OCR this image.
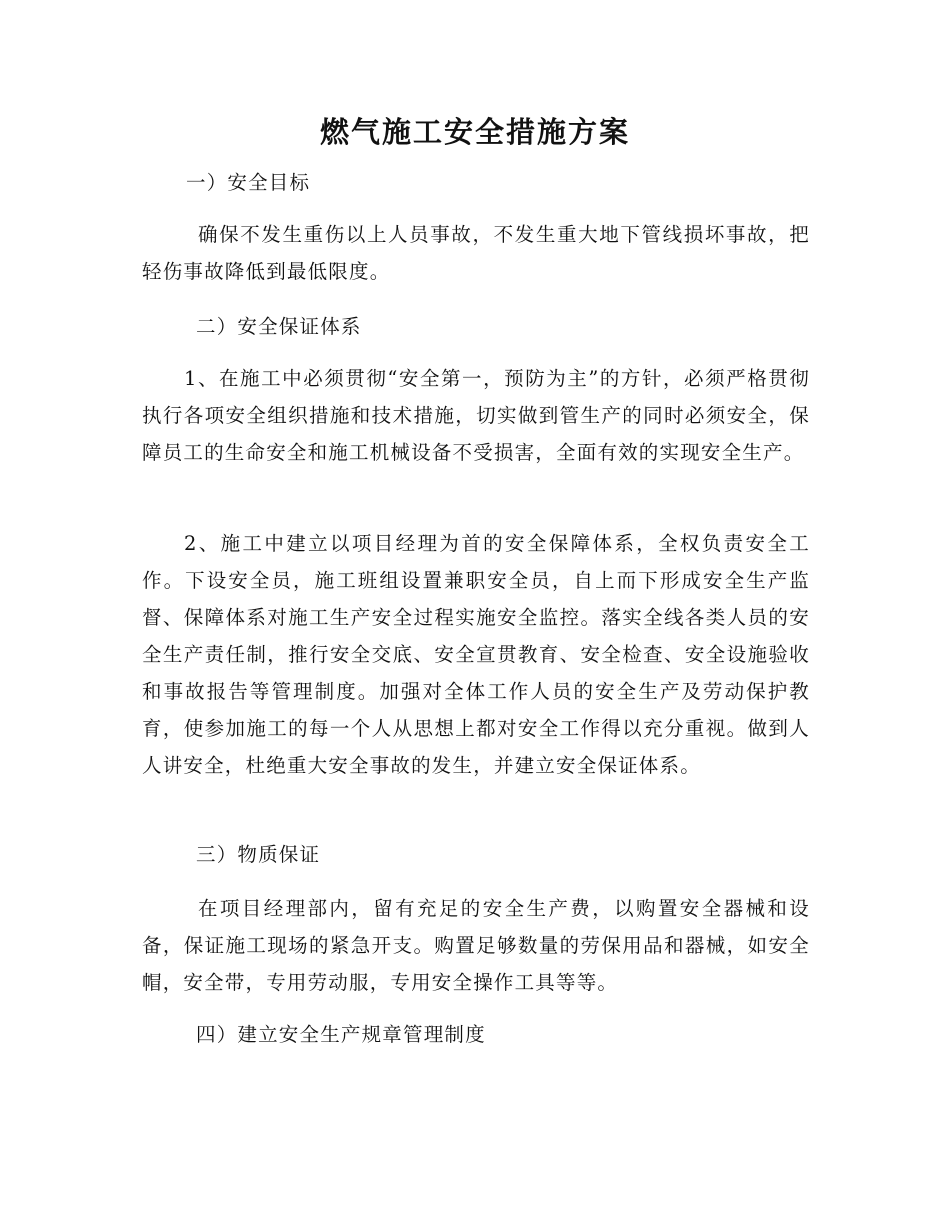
燃气施工安全措施方案

一）安全目标

确保不发生重伤以上人员事故，不发生重大地下管线损坏事故，把轻伤事故降低到最低限度。

二）安全保证体系

1、在施工中必须贯彻“安全第一，预防为主”的方针，必须严格贯彻执行各项安全组织措施和技术措施，切实做到管生产的同时必须安全，保障员工的生命安全和施工机械设备不受损害，全面有效的实现安全生产。

2、施工中建立以项目经理为首的安全保障体系，全权负责安全工作。下设安全员，施工班组设置兼职安全员，自上而下形成安全生产监督、保障体系对施工生产安全过程实施安全监控。落实全线各类人员的安全生产责任制，推行安全交底、安全宣贯教育、安全检查、安全设施验收和事故报告等管理制度。加强对全体工作人员的安全生产及劳动保护教育，使参加施工的每一个人从思想上都对安全工作得以充分重视。做到人人讲安全，杜绝重大安全事故的发生，并建立安全保证体系。

三）物质保证

在项目经理部内，留有充足的安全生产费，以购置安全器械和设备，保证施工现场的紧急开支。购置足够数量的劳保用品和器械，如安全帽，安全带，专用劳动服，专用安全操作工具等等。

四）建立安全生产规章管理制度
